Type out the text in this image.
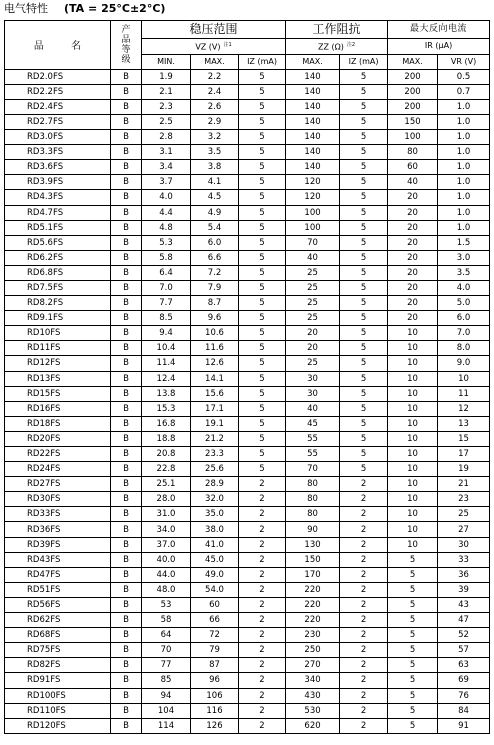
电气特性 (TA = 25°C±2°C)
品 名	产
品
等
级	稳压范围			工作阻抗		最大反向电流	
		VZ (V) $^{注1}$			ZZ (Ω) $^{注2}$		IR (μA)	
		MIN.	MAX.	IZ (mA)	MAX.	IZ (mA)	MAX.	VR (V)
RD2.0FS	B	1.9	2.2	5	140	5	200	0.5
RD2.2FS	B	2.1	2.4	5	140	5	200	0.7
RD2.4FS	B	2.3	2.6	5	140	5	200	1.0
RD2.7FS	B	2.5	2.9	5	140	5	150	1.0
RD3.0FS	B	2.8	3.2	5	140	5	100	1.0
RD3.3FS	B	3.1	3.5	5	140	5	80	1.0
RD3.6FS	B	3.4	3.8	5	140	5	60	1.0
RD3.9FS	B	3.7	4.1	5	120	5	40	1.0
RD4.3FS	B	4.0	4.5	5	120	5	20	1.0
RD4.7FS	B	4.4	4.9	5	100	5	20	1.0
RD5.1FS	B	4.8	5.4	5	100	5	20	1.0
RD5.6FS	B	5.3	6.0	5	70	5	20	1.5
RD6.2FS	B	5.8	6.6	5	40	5	20	3.0
RD6.8FS	B	6.4	7.2	5	25	5	20	3.5
RD7.5FS	B	7.0	7.9	5	25	5	20	4.0
RD8.2FS	B	7.7	8.7	5	25	5	20	5.0
RD9.1FS	B	8.5	9.6	5	25	5	20	6.0
RD10FS	B	9.4	10.6	5	20	5	10	7.0
RD11FS	B	10.4	11.6	5	20	5	10	8.0
RD12FS	B	11.4	12.6	5	25	5	10	9.0
RD13FS	B	12.4	14.1	5	30	5	10	10
RD15FS	B	13.8	15.6	5	30	5	10	11
RD16FS	B	15.3	17.1	5	40	5	10	12
RD18FS	B	16.8	19.1	5	45	5	10	13
RD20FS	B	18.8	21.2	5	55	5	10	15
RD22FS	B	20.8	23.3	5	55	5	10	17
RD24FS	B	22.8	25.6	5	70	5	10	19
RD27FS	B	25.1	28.9	2	80	2	10	21
RD30FS	B	28.0	32.0	2	80	2	10	23
RD33FS	B	31.0	35.0	2	80	2	10	25
RD36FS	B	34.0	38.0	2	90	2	10	27
RD39FS	B	37.0	41.0	2	130	2	10	30
RD43FS	B	40.0	45.0	2	150	2	5	33
RD47FS	B	44.0	49.0	2	170	2	5	36
RD51FS	B	48.0	54.0	2	220	2	5	39
RD56FS	B	53	60	2	220	2	5	43
RD62FS	B	58	66	2	220	2	5	47
RD68FS	B	64	72	2	230	2	5	52
RD75FS	B	70	79	2	250	2	5	57
RD82FS	B	77	87	2	270	2	5	63
RD91FS	B	85	96	2	340	2	5	69
RD100FS	B	94	106	2	430	2	5	76
RD110FS	B	104	116	2	530	2	5	84
RD120FS	B	114	126	2	620	2	5	91
